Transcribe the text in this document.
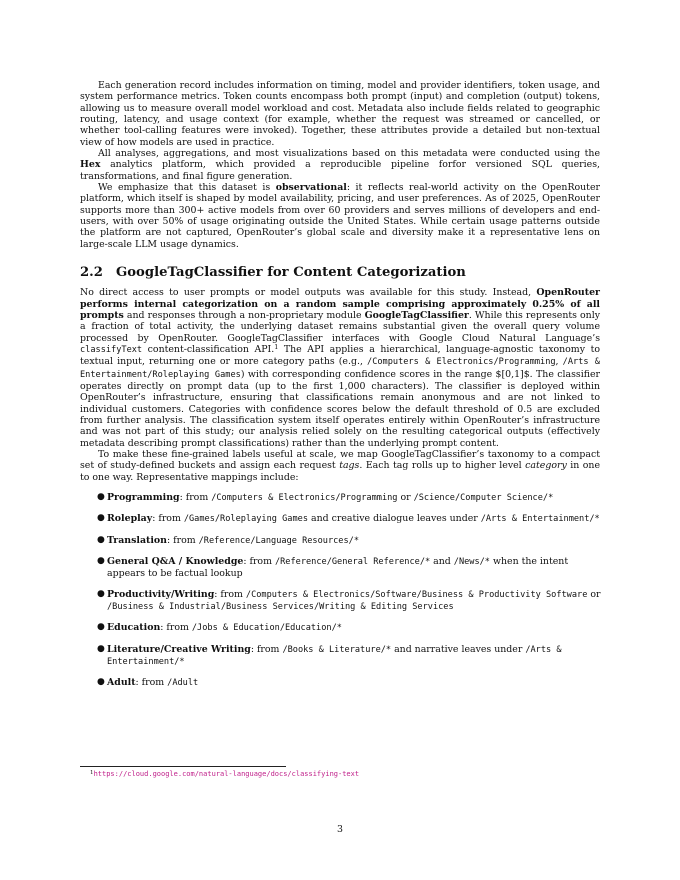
Each generation record includes information on timing, model and provider identifiers, token usage, and system performance metrics. Token counts encompass both prompt (input) and completion (output) tokens, allowing us to measure overall model workload and cost. Metadata also include fields related to geographic routing, latency, and usage context (for example, whether the request was streamed or cancelled, or whether tool-calling features were invoked). Together, these attributes provide a detailed but non-textual view of how models are used in practice.

All analyses, aggregations, and most visualizations based on this metadata were conducted using the Hex analytics platform, which provided a reproducible pipeline forfor versioned SQL queries, transformations, and final figure generation.

We emphasize that this dataset is observational: it reflects real-world activity on the OpenRouter platform, which itself is shaped by model availability, pricing, and user preferences. As of 2025, OpenRouter supports more than 300+ active models from over 60 providers and serves millions of developers and end-users, with over 50% of usage originating outside the United States. While certain usage patterns outside the platform are not captured, OpenRouter’s global scale and diversity make it a representative lens on large-scale LLM usage dynamics.

2.2 GoogleTagClassifier for Content Categorization

No direct access to user prompts or model outputs was available for this study. Instead, OpenRouter performs internal categorization on a random sample comprising approximately 0.25% of all prompts and responses through a non-proprietary module GoogleTagClassifier. While this represents only a fraction of total activity, the underlying dataset remains substantial given the overall query volume processed by OpenRouter. GoogleTagClassifier interfaces with Google Cloud Natural Language’s classifyText content-classification API.$^1$ The API applies a hierarchical, language-agnostic taxonomy to textual input, returning one or more category paths (e.g., /Computers & Electronics/Programming, /Arts & Entertainment/Roleplaying Games) with corresponding confidence scores in the range $[0,1]$. The classifier operates directly on prompt data (up to the first 1,000 characters). The classifier is deployed within OpenRouter’s infrastructure, ensuring that classifications remain anonymous and are not linked to individual customers. Categories with confidence scores below the default threshold of 0.5 are excluded from further analysis. The classification system itself operates entirely within OpenRouter’s infrastructure and was not part of this study; our analysis relied solely on the resulting categorical outputs (effectively metadata describing prompt classifications) rather than the underlying prompt content.

To make these fine-grained labels useful at scale, we map GoogleTagClassifier’s taxonomy to a compact set of study-defined buckets and assign each request tags. Each tag rolls up to higher level category in one to one way. Representative mappings include:

● Programming: from /Computers & Electronics/Programming or /Science/Computer Science/*
● Roleplay: from /Games/Roleplaying Games and creative dialogue leaves under /Arts & Entertainment/*
● Translation: from /Reference/Language Resources/*
● General Q&A / Knowledge: from /Reference/General Reference/* and /News/* when the intent appears to be factual lookup
● Productivity/Writing: from /Computers & Electronics/Software/Business & Productivity Software or /Business & Industrial/Business Services/Writing & Editing Services
● Education: from /Jobs & Education/Education/*
● Literature/Creative Writing: from /Books & Literature/* and narrative leaves under /Arts & Entertainment/*
● Adult: from /Adult
$^1$https://cloud.google.com/natural-language/docs/classifying-text
3
